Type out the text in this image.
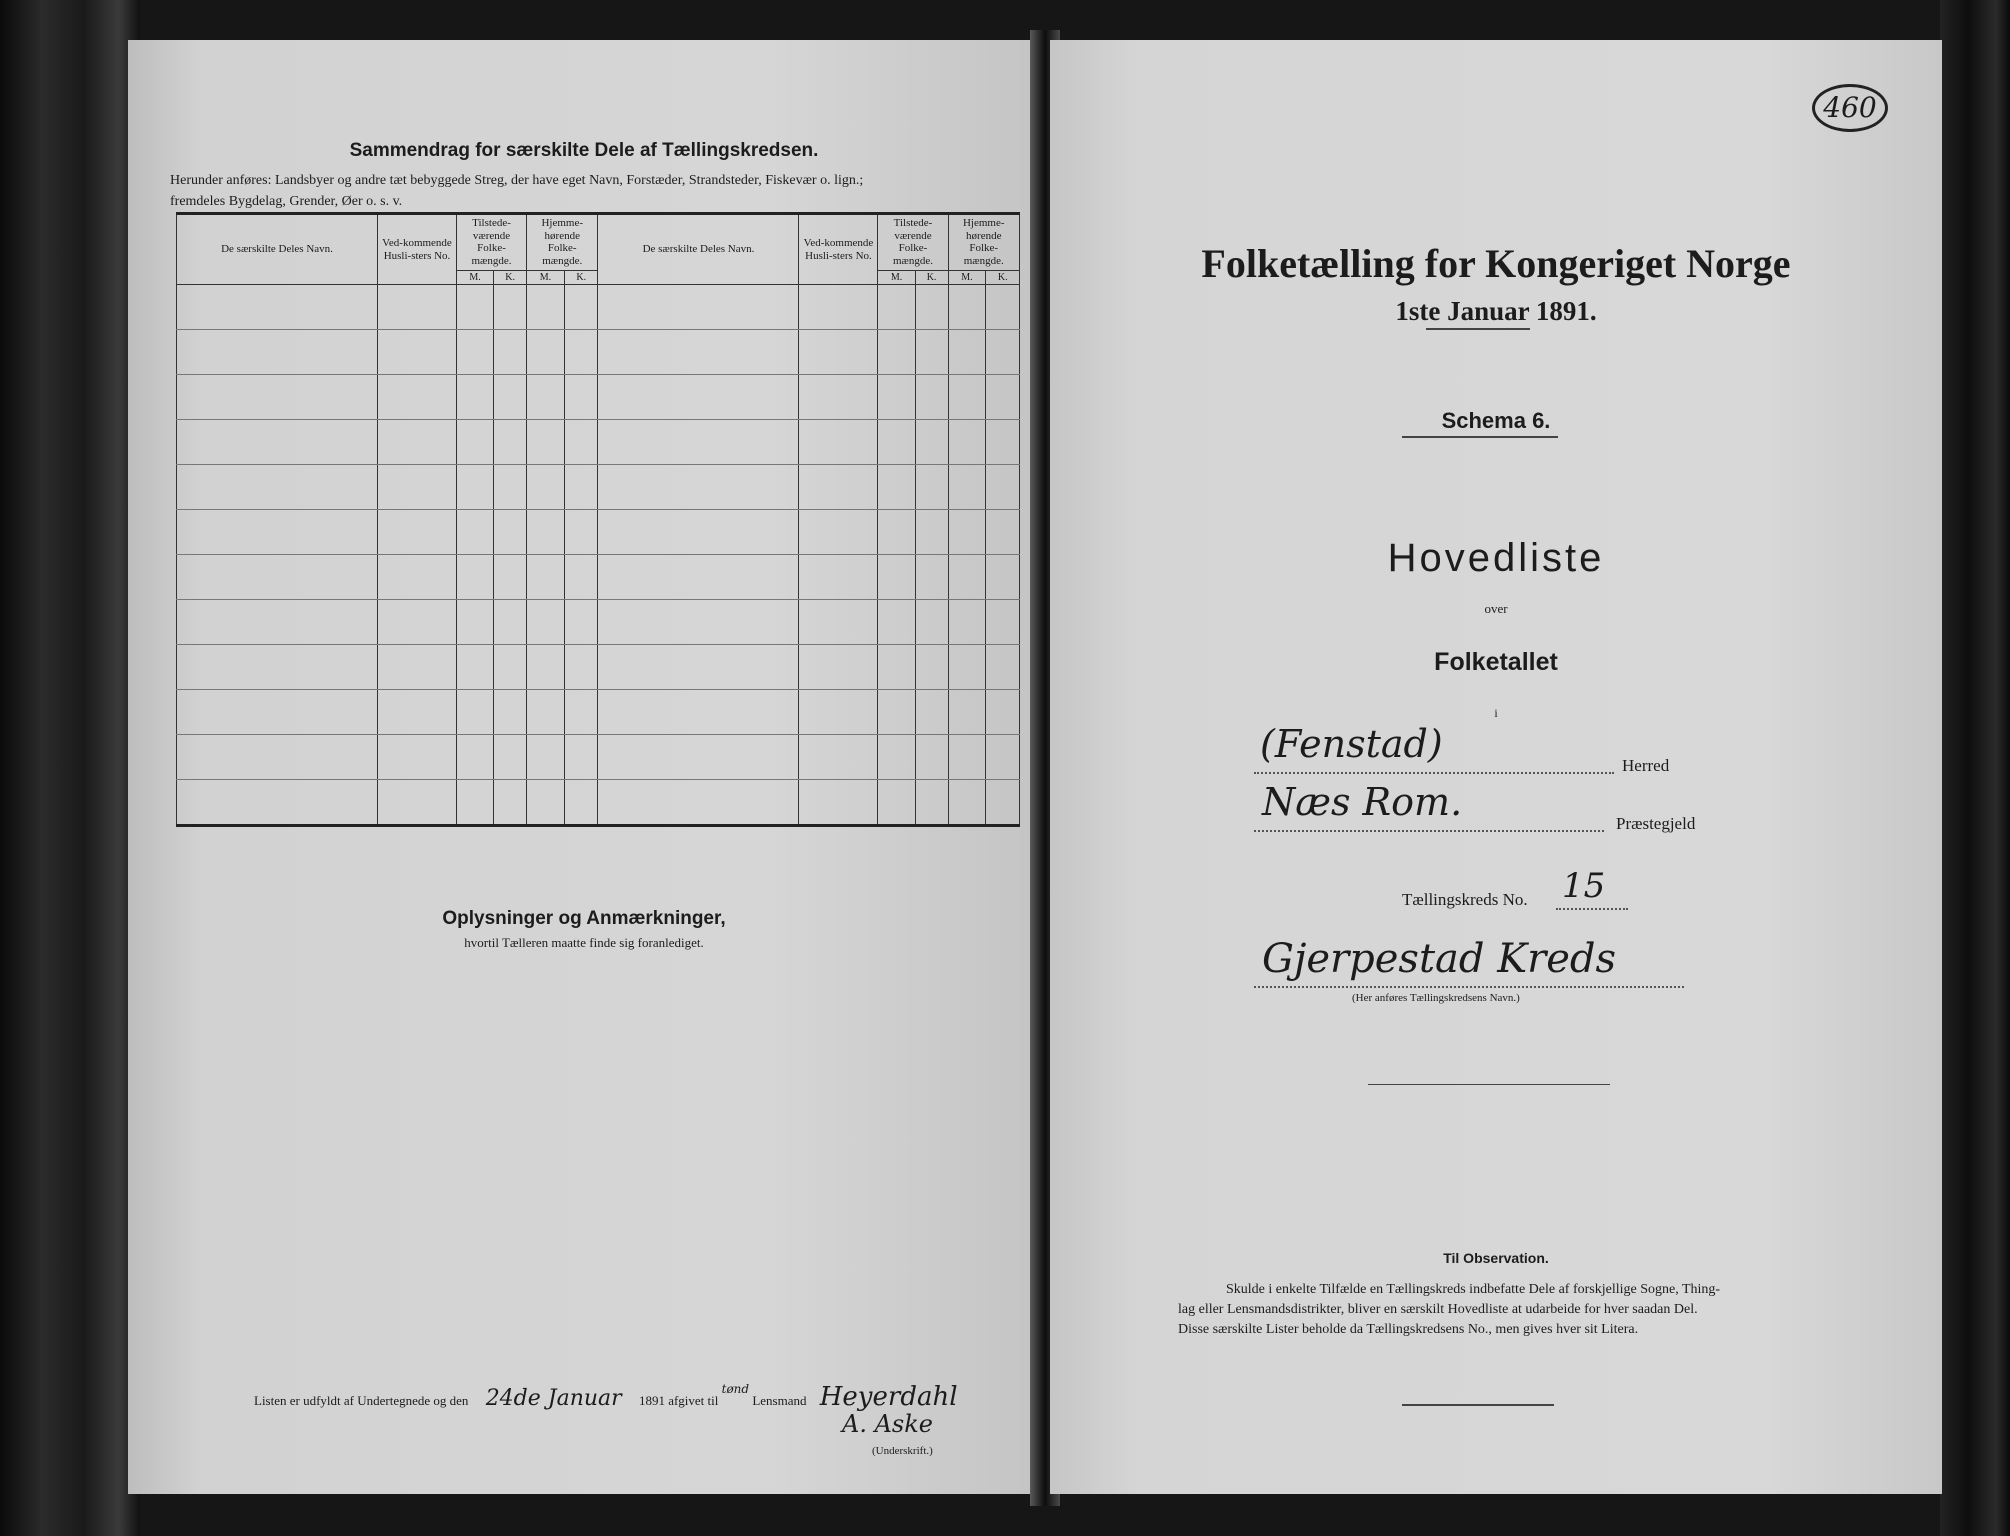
Sammendrag for særskilte Dele af Tællingskredsen.
Herunder anføres: Landsbyer og andre tæt bebyggede Streg, der have eget Navn, Forstæder, Strandsteder, Fiskevær o. lign.;
fremdeles Bygdelag, Grender, Øer o. s. v.
De særskilte Deles Navn.	Ved-kommende Husli-sters No.	Tilstede-værende Folke-mængde.		Hjemme-hørende Folke-mængde.		De særskilte Deles Navn.	Ved-kommende Husli-sters No.	Tilstede-værende Folke-mængde.		Hjemme-hørende Folke-mængde.	
		M.	K.	M.	K.			M.	K.	M.	K.

Oplysninger og Anmærkninger,
hvortil Tælleren maatte finde sig foranlediget.
Listen er udfyldt af Undertegnede og den 24de Januar 1891 afgivet til tønd Lensmand Heyerdahl
A. Aske
(Underskrift.)
460
Folketælling for Kongeriget Norge
1ste Januar 1891.
Schema 6.
Hovedliste
over
Folketallet
i
(Fenstad)	Herred
Næs Rom.	Præstegjeld
Tællingskreds No. 15
Gjerpestad Kreds
(Her anføres Tællingskredsens Navn.)
Til Observation.
Skulde i enkelte Tilfælde en Tællingskreds indbefatte Dele af forskjellige Sogne, Thing-
lag eller Lensmandsdistrikter, bliver en særskilt Hovedliste at udarbeide for hver saadan Del.
Disse særskilte Lister beholde da Tællingskredsens No., men gives hver sit Litera.
